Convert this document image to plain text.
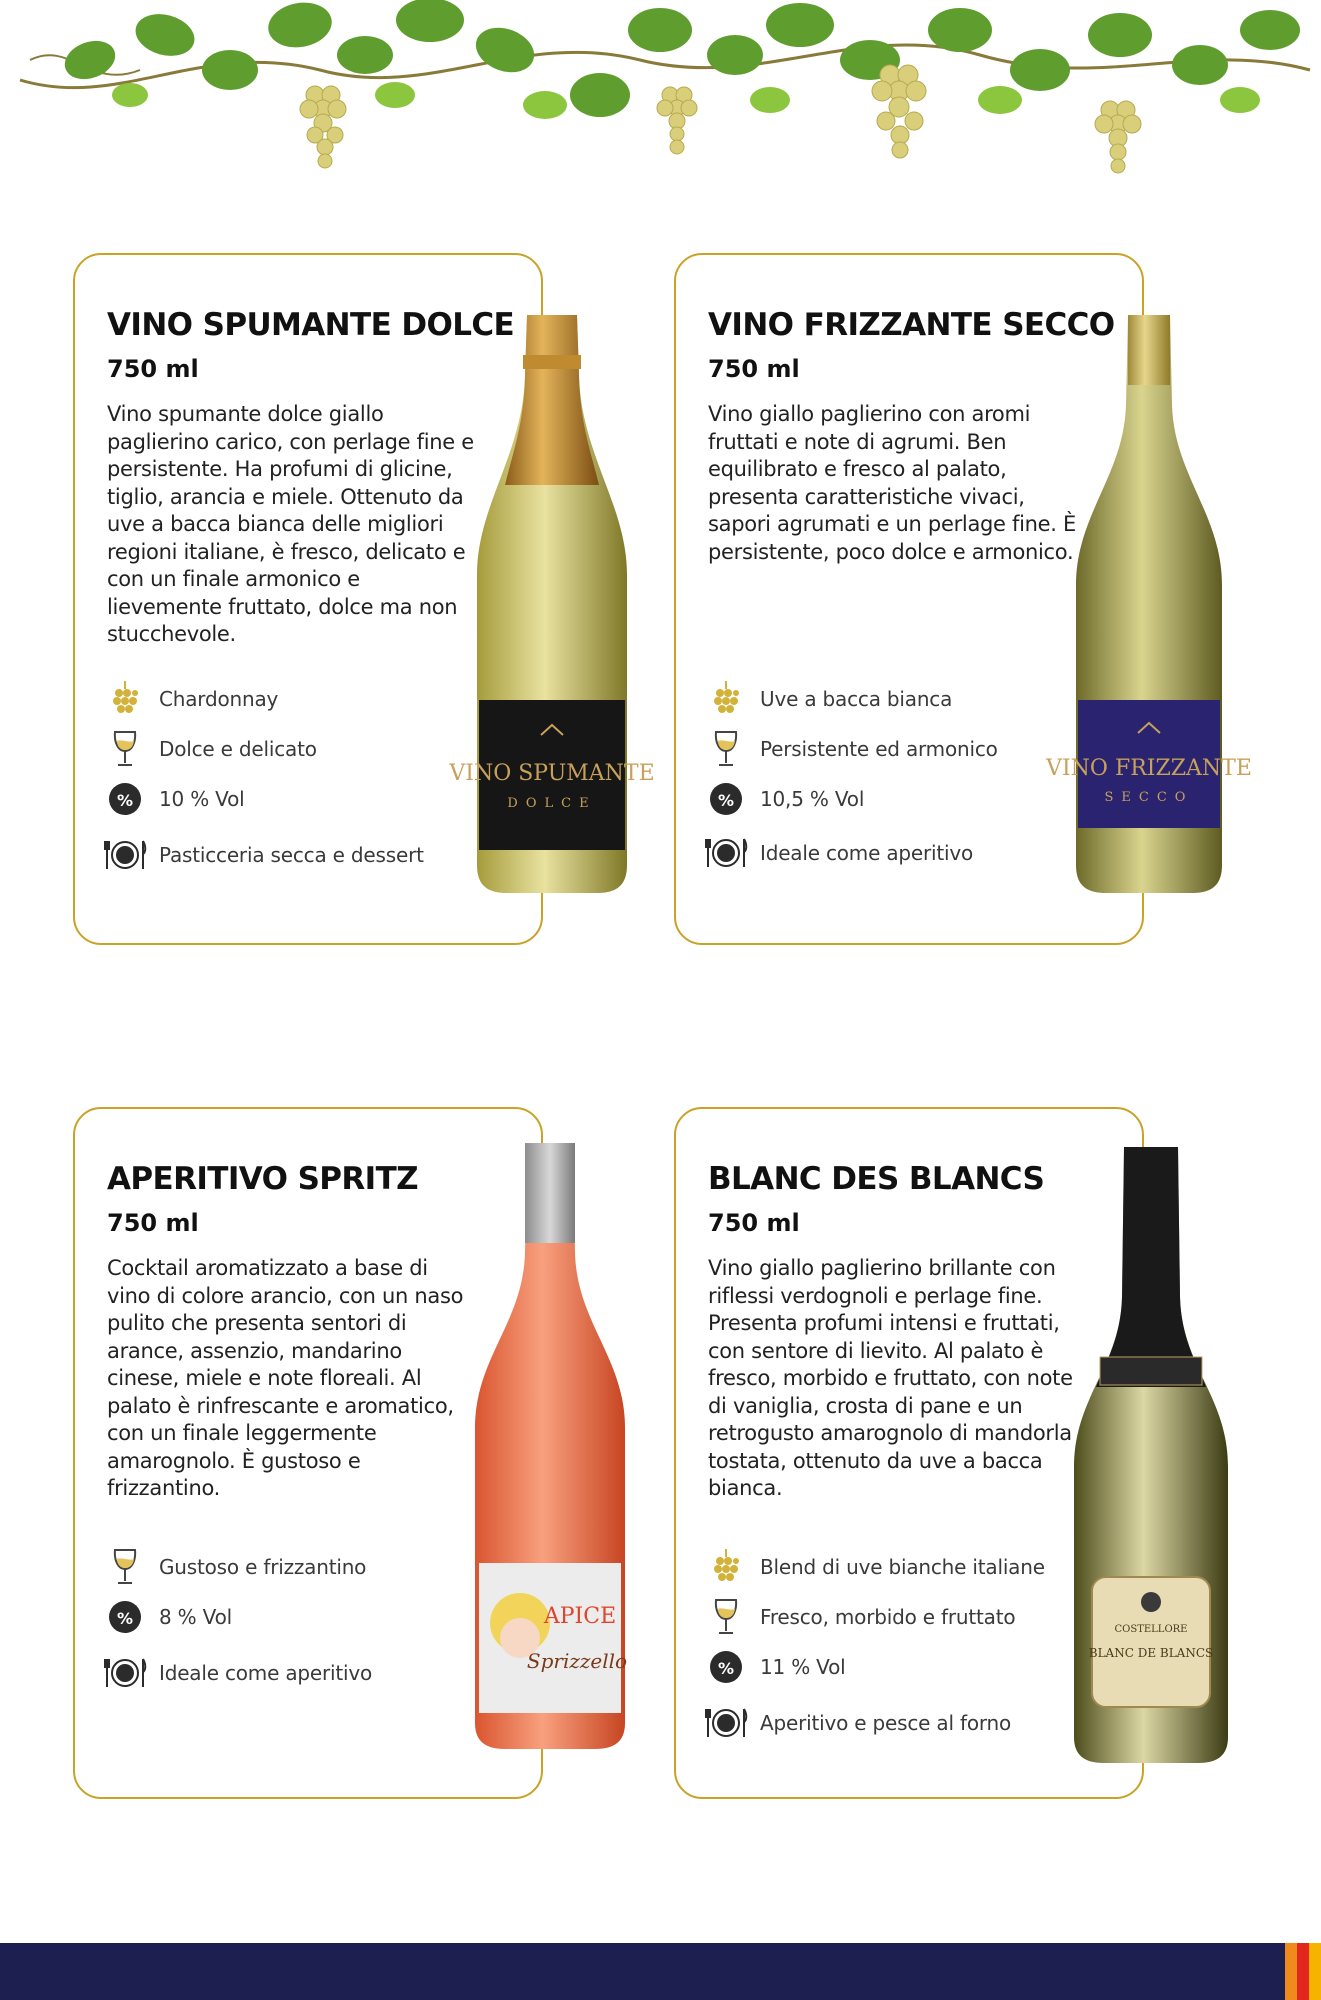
VINO SPUMANTE DOLCE
750 ml
Vino spumante dolce giallo paglierino carico, con perlage fine e persistente. Ha profumi di glicine, tiglio, arancia e miele. Ottenuto da uve a bacca bianca delle migliori regioni italiane, è fresco, delicato e con un finale armonico e lievemente fruttato, dolce ma non stucchevole.
Chardonnay
Dolce e delicato
% 10 % Vol
Pasticceria secca e dessert
VINO SPUMANTE
DOLCE
VINO FRIZZANTE SECCO
750 ml
Vino giallo paglierino con aromi fruttati e note di agrumi. Ben equilibrato e fresco al palato, presenta caratteristiche vivaci, sapori agrumati e un perlage fine. È persistente, poco dolce e armonico.
Uve a bacca bianca
Persistente ed armonico
% 10,5 % Vol
Ideale come aperitivo
VINO FRIZZANTE
SECCO
APERITIVO SPRITZ
750 ml
Cocktail aromatizzato a base di vino di colore arancio, con un naso pulito che presenta sentori di arance, assenzio, mandarino cinese, miele e note floreali. Al palato è rinfrescante e aromatico, con un finale leggermente amarognolo. È gustoso e frizzantino.
Gustoso e frizzantino
% 8 % Vol
Ideale come aperitivo
APICE
Sprizzello
BLANC DES BLANCS
750 ml
Vino giallo paglierino brillante con riflessi verdognoli e perlage fine. Presenta profumi intensi e fruttati, con sentore di lievito. Al palato è fresco, morbido e fruttato, con note di vaniglia, crosta di pane e un retrogusto amarognolo di mandorla tostata, ottenuto da uve a bacca bianca.
Blend di uve bianche italiane
Fresco, morbido e fruttato
% 11 % Vol
Aperitivo e pesce al forno
COSTELLORE
BLANC DE BLANCS
